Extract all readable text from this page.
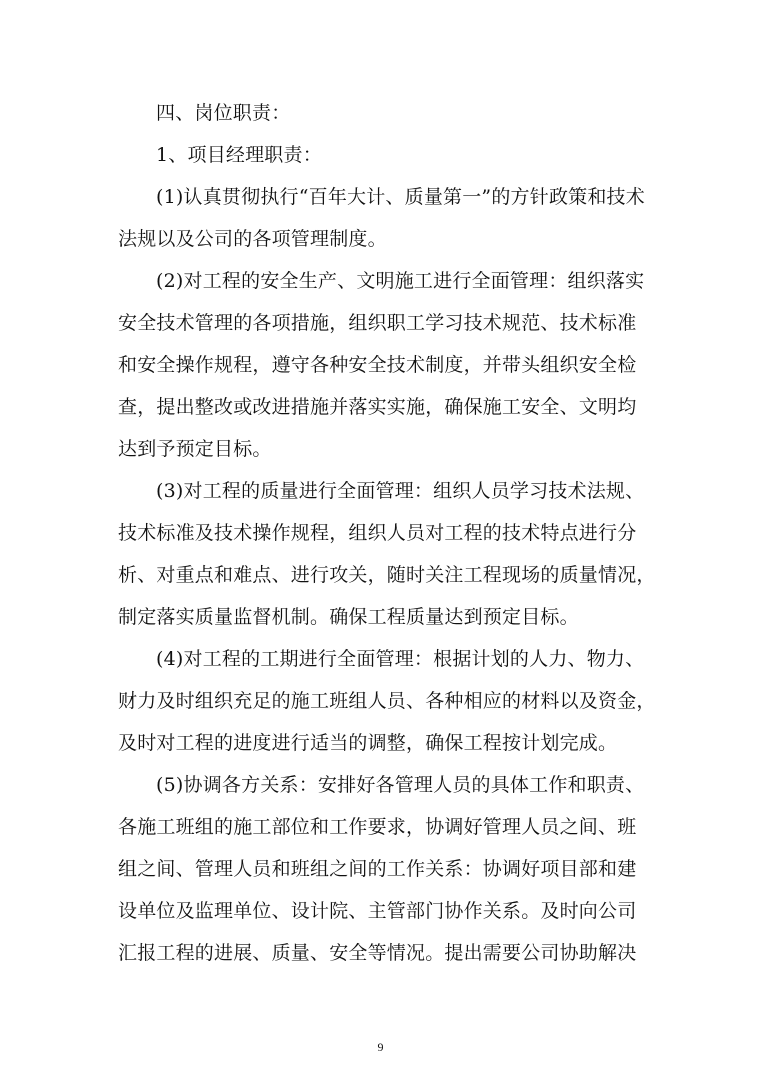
四、岗位职责：
1、项目经理职责：
(1)认真贯彻执行“百年大计、质量第一”的方针政策和技术
法规以及公司的各项管理制度。
(2)对工程的安全生产、文明施工进行全面管理：组织落实
安全技术管理的各项措施，组织职工学习技术规范、技术标准
和安全操作规程，遵守各种安全技术制度，并带头组织安全检
查，提出整改或改进措施并落实实施，确保施工安全、文明均
达到予预定目标。
(3)对工程的质量进行全面管理：组织人员学习技术法规、
技术标准及技术操作规程，组织人员对工程的技术特点进行分
析、对重点和难点、进行攻关，随时关注工程现场的质量情况，
制定落实质量监督机制。确保工程质量达到预定目标。
(4)对工程的工期进行全面管理：根据计划的人力、物力、
财力及时组织充足的施工班组人员、各种相应的材料以及资金，
及时对工程的进度进行适当的调整，确保工程按计划完成。
(5)协调各方关系：安排好各管理人员的具体工作和职责、
各施工班组的施工部位和工作要求，协调好管理人员之间、班
组之间、管理人员和班组之间的工作关系：协调好项目部和建
设单位及监理单位、设计院、主管部门协作关系。及时向公司
汇报工程的进展、质量、安全等情况。提出需要公司协助解决
9
